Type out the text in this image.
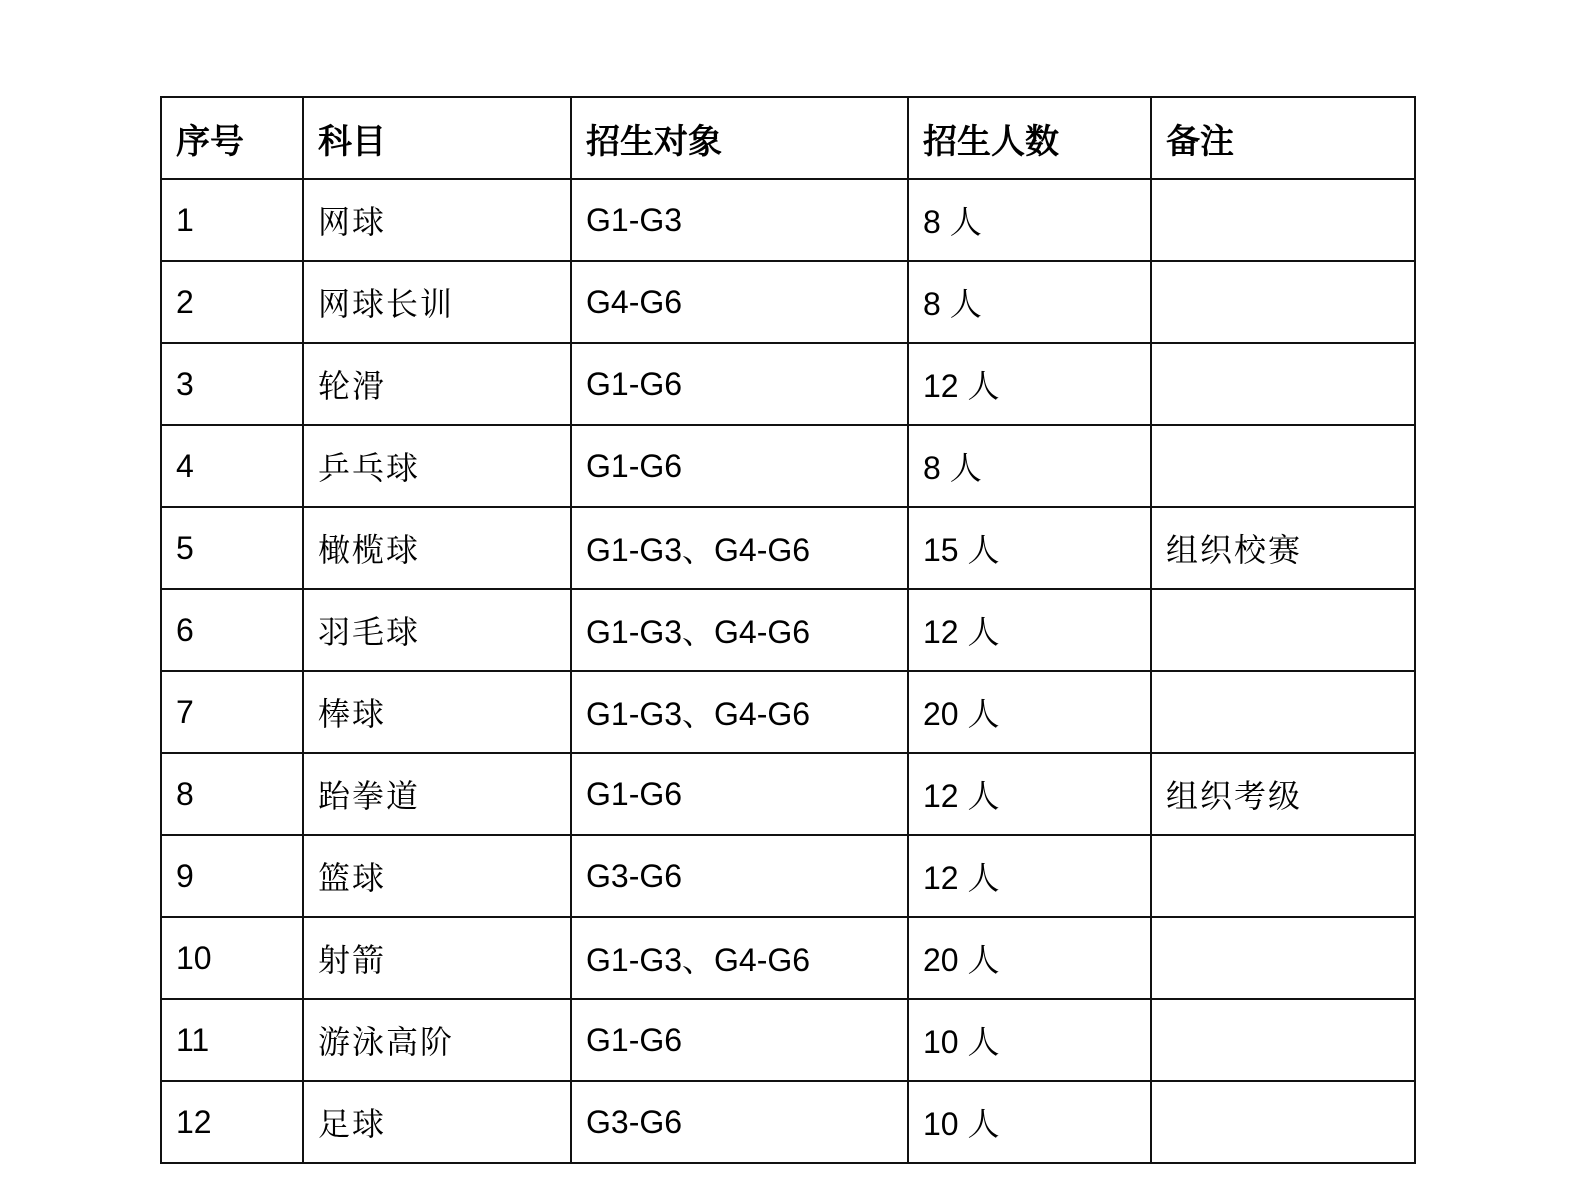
序号	科目	招生对象	招生人数	备注
1	网球	G1-G3	8 人	
2	网球长训	G4-G6	8 人	
3	轮滑	G1-G6	12 人	
4	乒乓球	G1-G6	8 人	
5	橄榄球	G1-G3、G4-G6	15 人	组织校赛
6	羽毛球	G1-G3、G4-G6	12 人	
7	棒球	G1-G3、G4-G6	20 人	
8	跆拳道	G1-G6	12 人	组织考级
9	篮球	G3-G6	12 人	
10	射箭	G1-G3、G4-G6	20 人	
11	游泳高阶	G1-G6	10 人	
12	足球	G3-G6	10 人	
